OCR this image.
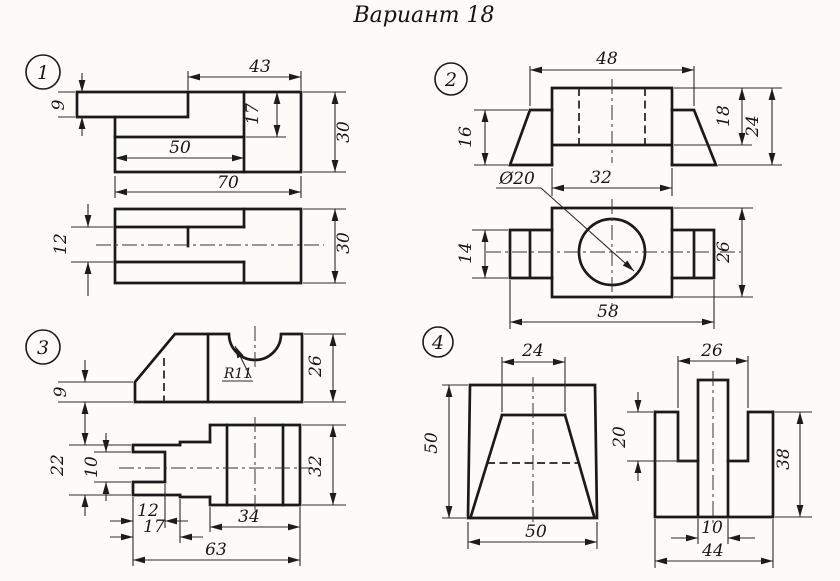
Вариант 18
1	43
9	17
50
70
30
12	30
2
48
16
18 24
32
Ø20
14	26
58
3
9
26
R11
22 10
12
17	34
63
32
4	24
50
50
26
20
38
10
44
